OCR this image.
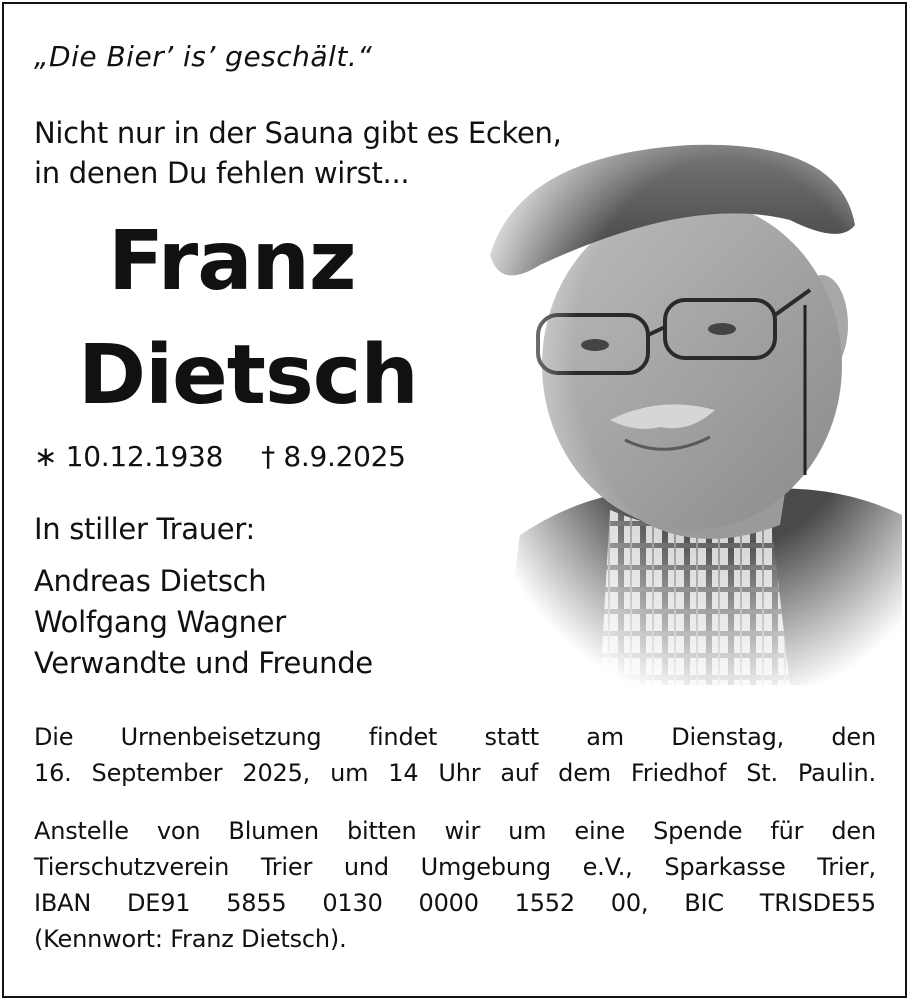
„Die Bier’ is’ geschält.“
Nicht nur in der Sauna gibt es Ecken,
in denen Du fehlen wirst...
Franz
Dietsch
∗ 10.12.1938 † 8.9.2025
In stiller Trauer:
Andreas Dietsch
Wolfgang Wagner
Verwandte und Freunde
Die Urnenbeisetzung findet statt am Dienstag, den
16. September 2025, um 14 Uhr auf dem Friedhof St. Paulin.
Anstelle von Blumen bitten wir um eine Spende für den
Tierschutzverein Trier und Umgebung e.V., Sparkasse Trier,
IBAN DE91 5855 0130 0000 1552 00, BIC TRISDE55
(Kennwort: Franz Dietsch).
